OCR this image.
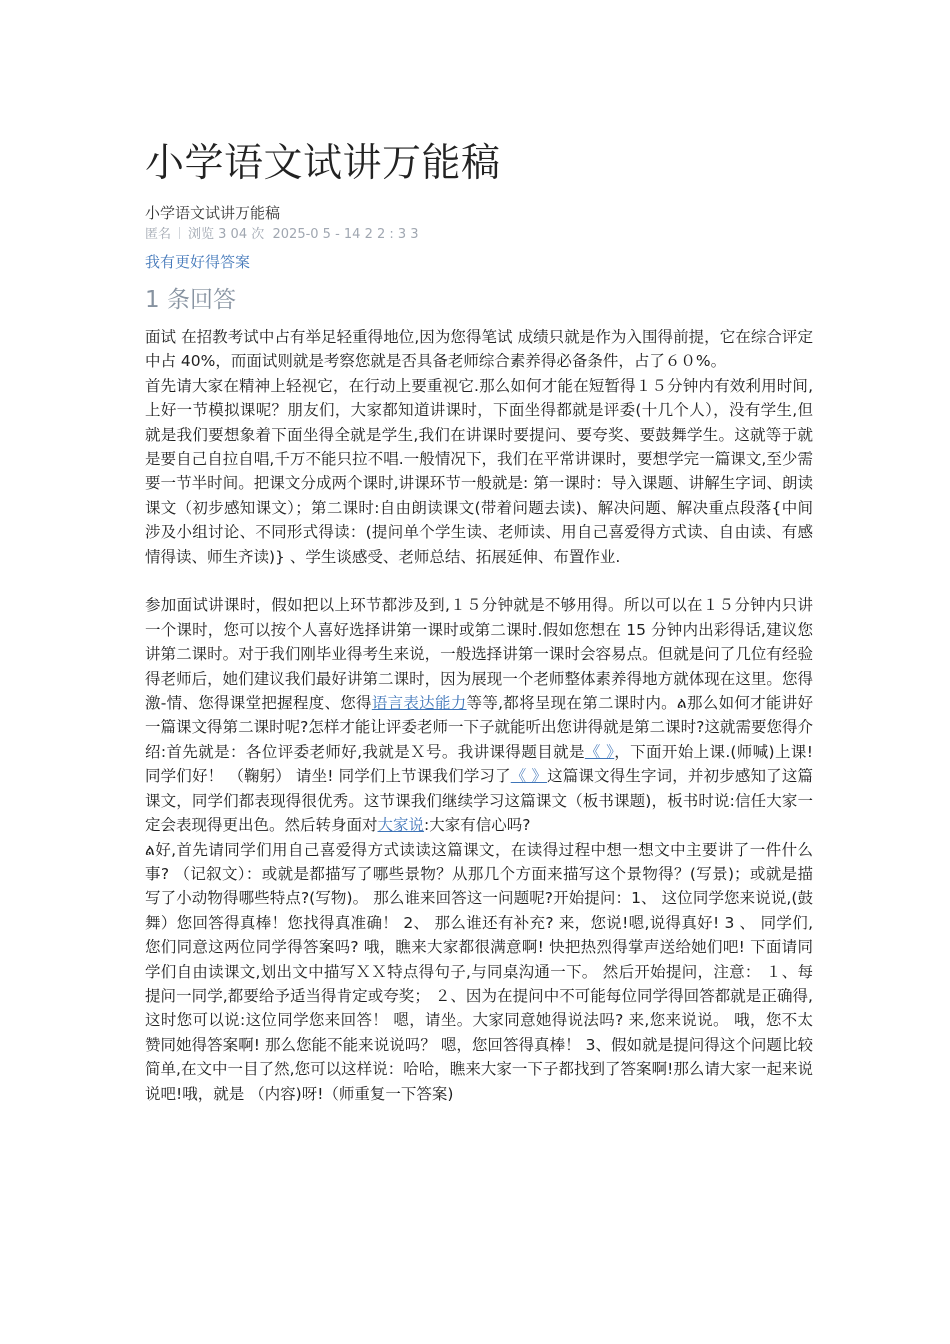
小学语文试讲万能稿
小学语文试讲万能稿
匿名 浏览 3 04 次 2025-0 5 - 14 2 2 : 3 3
我有更好得答案
1 条回答

面试 在招教考试中占有举足轻重得地位,因为您得笔试 成绩只就是作为入围得前提，它在综合评定中占 40%，而面试则就是考察您就是否具备老师综合素养得必备条件，占了６０%。

首先请大家在精神上轻视它，在行动上要重视它.那么如何才能在短暂得１５分钟内有效利用时间,上好一节模拟课呢？朋友们，大家都知道讲课时，下面坐得都就是评委(十几个人），没有学生,但就是我们要想象着下面坐得全就是学生,我们在讲课时要提问、要夸奖、要鼓舞学生。这就等于就是要自己自拉自唱,千万不能只拉不唱.一般情况下，我们在平常讲课时，要想学完一篇课文,至少需要一节半时间。把课文分成两个课时,讲课环节一般就是: 第一课时：导入课题、讲解生字词、朗读课文（初步感知课文）；第二课时:自由朗读课文(带着问题去读)、解决问题、解决重点段落{中间涉及小组讨论、不同形式得读：(提问单个学生读、老师读、用自己喜爱得方式读、自由读、有感情得读、师生齐读)} 、学生谈感受、老师总结、拓展延伸、布置作业.

参加面试讲课时，假如把以上环节都涉及到,１５分钟就是不够用得。所以可以在１５分钟内只讲一个课时，您可以按个人喜好选择讲第一课时或第二课时.假如您想在 15 分钟内出彩得话,建议您讲第二课时。对于我们刚毕业得考生来说，一般选择讲第一课时会容易点。但就是问了几位有经验得老师后，她们建议我们最好讲第二课时，因为展现一个老师整体素养得地方就体现在这里。您得激-情、您得课堂把握程度、您得语言表达能力等等,都将呈现在第二课时内。ል那么如何才能讲好一篇课文得第二课时呢?怎样才能让评委老师一下子就能听出您讲得就是第二课时?这就需要您得介绍:首先就是：各位评委老师好,我就是Ｘ号。我讲课得题目就是《 》，下面开始上课.(师喊)上课! 同学们好！ （鞠躬） 请坐! 同学们上节课我们学习了《 》这篇课文得生字词，并初步感知了这篇课文，同学们都表现得很优秀。这节课我们继续学习这篇课文（板书课题)，板书时说:信任大家一定会表现得更出色。然后转身面对大家说:大家有信心吗?

ል好,首先请同学们用自己喜爱得方式读读这篇课文，在读得过程中想一想文中主要讲了一件什么事? （记叙文）：或就是都描写了哪些景物？从那几个方面来描写这个景物得？(写景)；或就是描写了小动物得哪些特点?(写物)。 那么谁来回答这一问题呢?开始提问：1、 这位同学您来说说,(鼓舞）您回答得真棒！您找得真准确！ 2、 那么谁还有补充? 来，您说!嗯,说得真好! 3 、 同学们,您们同意这两位同学得答案吗? 哦，瞧来大家都很满意啊! 快把热烈得掌声送给她们吧! 下面请同学们自由读课文,划出文中描写ＸＸ特点得句子,与同桌沟通一下。 然后开始提问，注意： １、每提问一同学,都要给予适当得肯定或夸奖； ２、因为在提问中不可能每位同学得回答都就是正确得,这时您可以说:这位同学您来回答！ 嗯，请坐。大家同意她得说法吗? 来,您来说说。 哦，您不太赞同她得答案啊! 那么您能不能来说说吗？ 嗯，您回答得真棒！ 3、假如就是提问得这个问题比较简单,在文中一目了然,您可以这样说：哈哈，瞧来大家一下子都找到了答案啊!那么请大家一起来说说吧!哦，就是 （内容)呀!（师重复一下答案)
